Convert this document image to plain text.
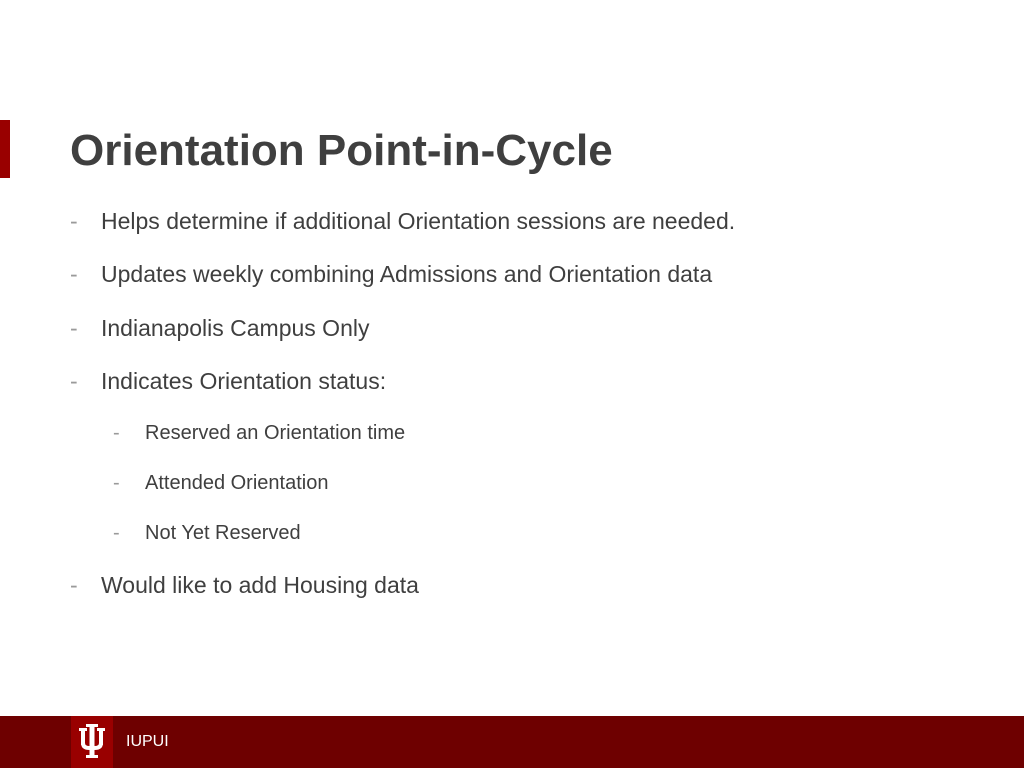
Orientation Point-in-Cycle
- Helps determine if additional Orientation sessions are needed.
- Updates weekly combining Admissions and Orientation data
- Indianapolis Campus Only
- Indicates Orientation status:
- Reserved an Orientation time
- Attended Orientation
- Not Yet Reserved
- Would like to add Housing data
IUPUI
